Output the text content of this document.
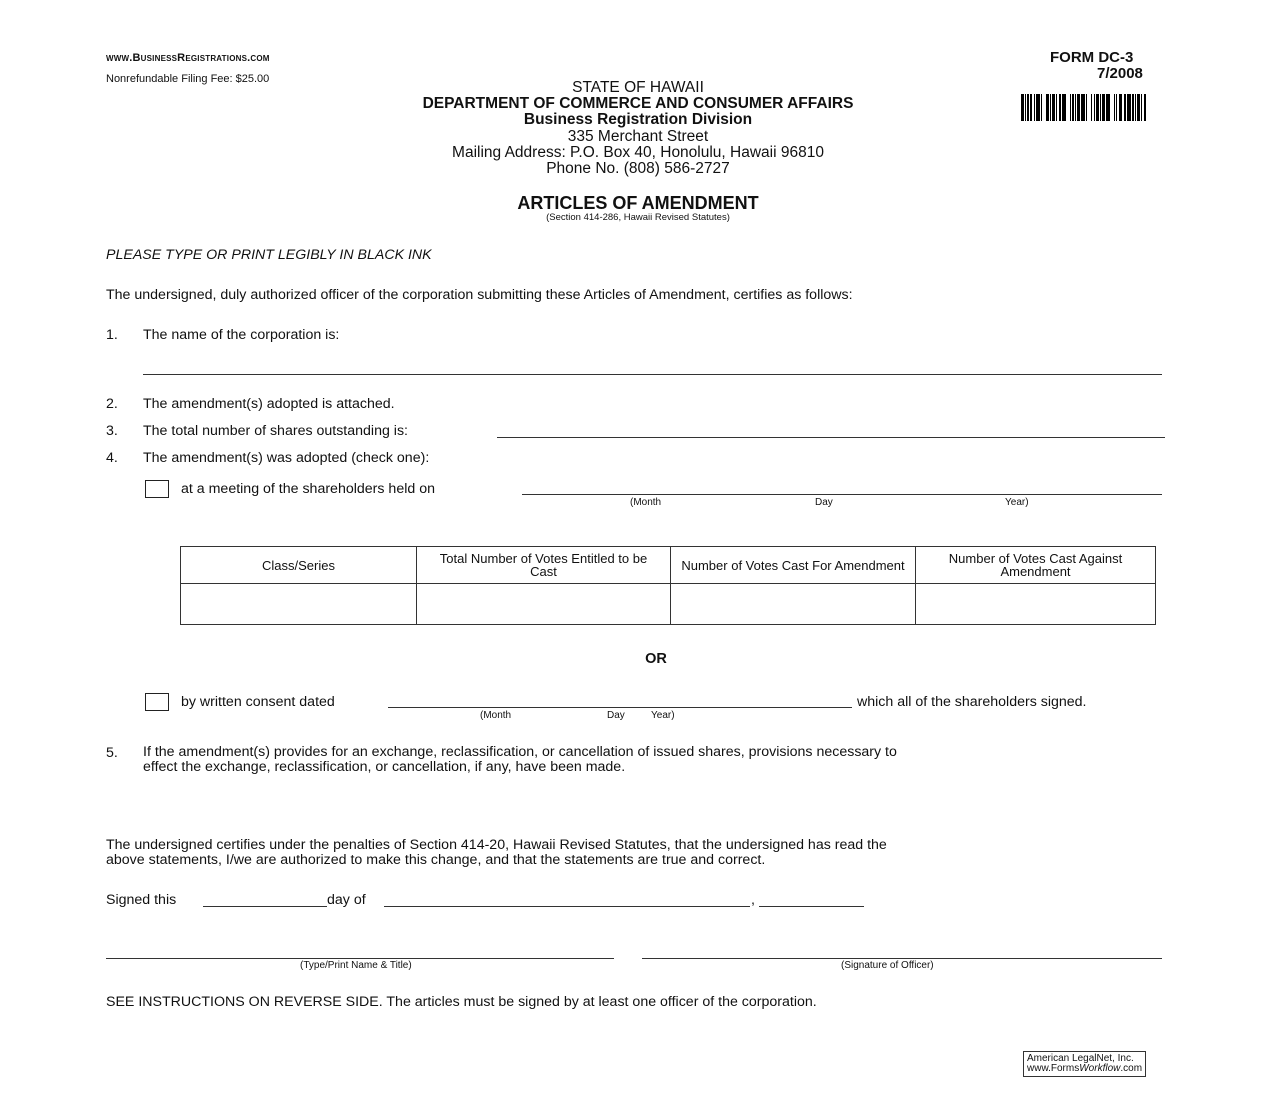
www.BusinessRegistrations.com
Nonrefundable Filing Fee: $25.00
FORM DC-3
7/2008
STATE OF HAWAII
DEPARTMENT OF COMMERCE AND CONSUMER AFFAIRS
Business Registration Division
335 Merchant Street
Mailing Address: P.O. Box 40, Honolulu, Hawaii 96810
Phone No. (808) 586-2727
ARTICLES OF AMENDMENT
(Section 414-286, Hawaii Revised Statutes)
PLEASE TYPE OR PRINT LEGIBLY IN BLACK INK
The undersigned, duly authorized officer of the corporation submitting these Articles of Amendment, certifies as follows:
1. The name of the corporation is:
2. The amendment(s) adopted is attached.
3. The total number of shares outstanding is:
4. The amendment(s) was adopted (check one):
at a meeting of the shareholders held on
(Month	Day	Year)
Class/Series	Total Number of Votes Entitled to be Cast	Number of Votes Cast For Amendment	Number of Votes Cast Against Amendment

OR
by written consent dated	which all of the shareholders signed.
(Month	Day	Year)
5. If the amendment(s) provides for an exchange, reclassification, or cancellation of issued shares, provisions necessary to
effect the exchange, reclassification, or cancellation, if any, have been made.
The undersigned certifies under the penalties of Section 414-20, Hawaii Revised Statutes, that the undersigned has read the
above statements, I/we are authorized to make this change, and that the statements are true and correct.
Signed this	day of	,
(Type/Print Name & Title)	(Signature of Officer)
SEE INSTRUCTIONS ON REVERSE SIDE. The articles must be signed by at least one officer of the corporation.
American LegalNet, Inc.
www.FormsWorkflow.com
